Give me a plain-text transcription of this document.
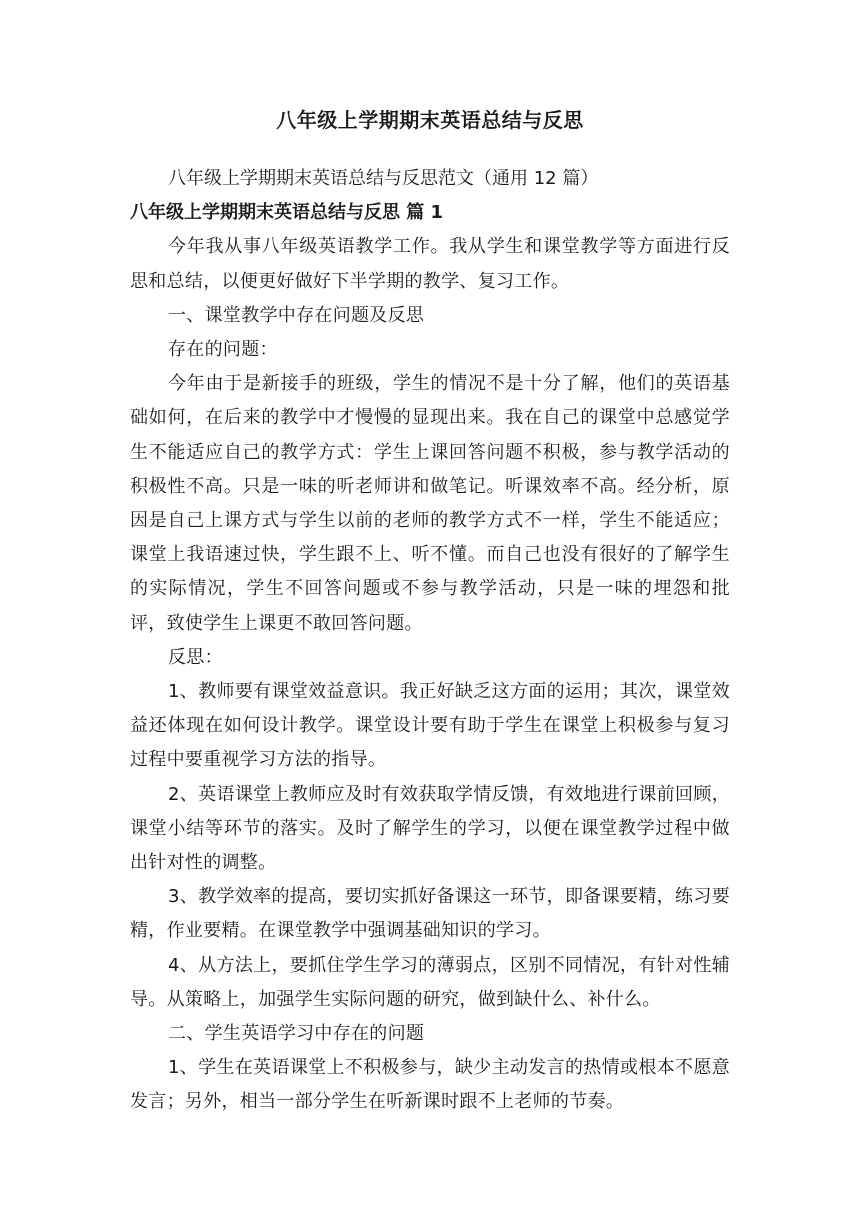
八年级上学期期末英语总结与反思

八年级上学期期末英语总结与反思范文（通用 12 篇）

八年级上学期期末英语总结与反思 篇 1

今年我从事八年级英语教学工作。我从学生和课堂教学等方面进行反思和总结，以便更好做好下半学期的教学、复习工作。

一、课堂教学中存在问题及反思

存在的问题：

今年由于是新接手的班级，学生的情况不是十分了解，他们的英语基础如何，在后来的教学中才慢慢的显现出来。我在自己的课堂中总感觉学生不能适应自己的教学方式：学生上课回答问题不积极，参与教学活动的积极性不高。只是一味的听老师讲和做笔记。听课效率不高。经分析，原因是自己上课方式与学生以前的老师的教学方式不一样，学生不能适应；课堂上我语速过快，学生跟不上、听不懂。而自己也没有很好的了解学生的实际情况，学生不回答问题或不参与教学活动，只是一味的埋怨和批评，致使学生上课更不敢回答问题。

反思：

1、教师要有课堂效益意识。我正好缺乏这方面的运用；其次，课堂效益还体现在如何设计教学。课堂设计要有助于学生在课堂上积极参与复习过程中要重视学习方法的指导。

2、英语课堂上教师应及时有效获取学情反馈，有效地进行课前回顾，课堂小结等环节的落实。及时了解学生的学习，以便在课堂教学过程中做出针对性的调整。

3、教学效率的提高，要切实抓好备课这一环节，即备课要精，练习要精，作业要精。在课堂教学中强调基础知识的学习。

4、从方法上，要抓住学生学习的薄弱点，区别不同情况，有针对性辅导。从策略上，加强学生实际问题的研究，做到缺什么、补什么。

二、学生英语学习中存在的问题

1、学生在英语课堂上不积极参与，缺少主动发言的热情或根本不愿意发言；另外，相当一部分学生在听新课时跟不上老师的节奏。
